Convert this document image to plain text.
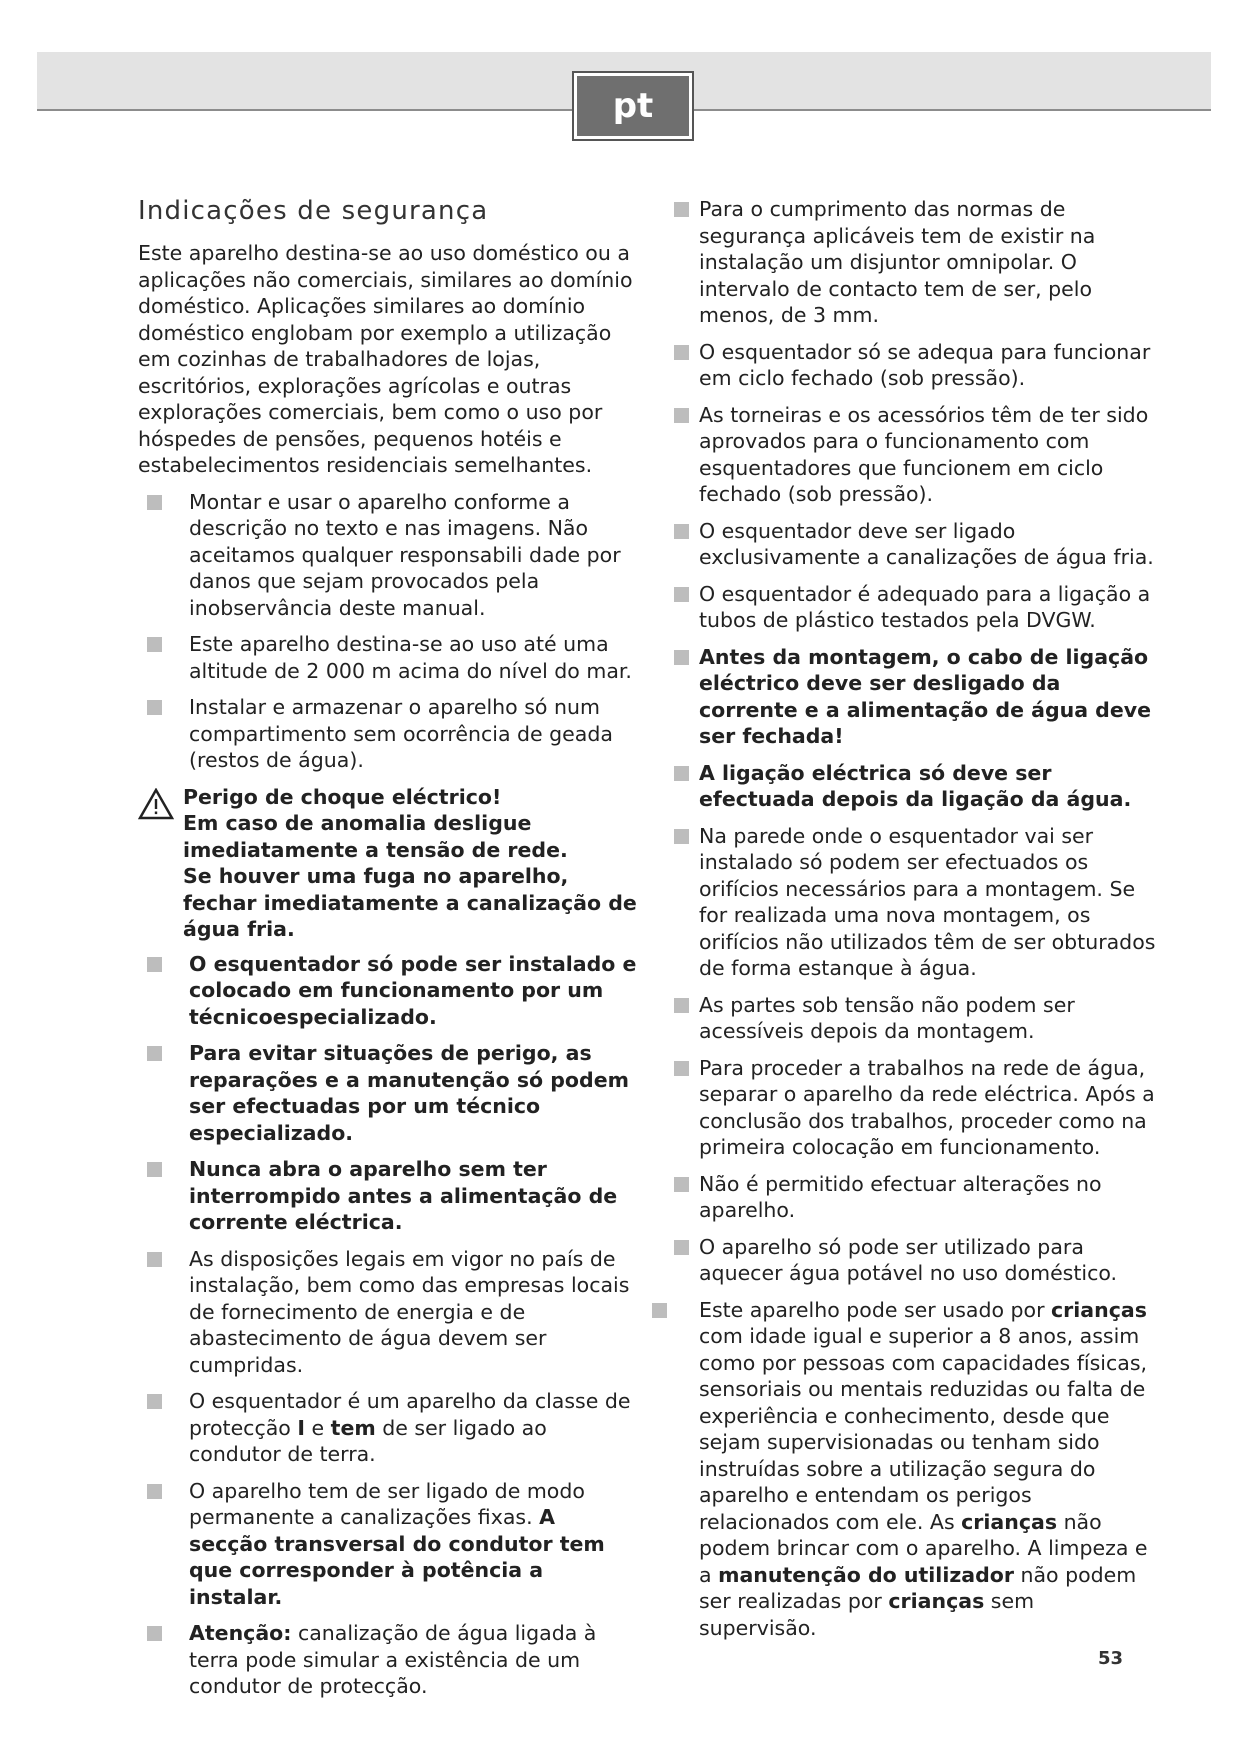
pt
Indicações de segurança

Este aparelho destina-se ao uso doméstico ou a aplicações não comerciais, similares ao domínio doméstico. Aplicações similares ao domínio doméstico englobam por exemplo a utilização em cozinhas de trabalhadores de lojas, escritórios, explorações agrícolas e outras explorações comerciais, bem como o uso por hóspedes de pensões, pequenos hotéis e estabelecimentos residenciais semelhantes.

Montar e usar o aparelho conforme a descrição no texto e nas imagens. Não aceitamos qualquer responsabili dade por danos que sejam provocados pela inobservância deste manual.
Este aparelho destina-se ao uso até uma altitude de 2 000 m acima do nível do mar.
Instalar e armazenar o aparelho só num compartimento sem ocorrência de geada (restos de água).
Perigo de choque eléctrico!
Em caso de anomalia desligue imediatamente a tensão de rede.
Se houver uma fuga no aparelho, fechar imediatamente a canalização de água fria.
O esquentador só pode ser instalado e colocado em funcionamento por um técnicoespecializado.
Para evitar situações de perigo, as reparações e a manutenção só podem ser efectuadas por um técnico especializado.
Nunca abra o aparelho sem ter interrompido antes a alimentação de corrente eléctrica.
As disposições legais em vigor no país de instalação, bem como das empresas locais de fornecimento de energia e de abastecimento de água devem ser cumpridas.
O esquentador é um aparelho da classe de protecção I e tem de ser ligado ao condutor de terra.
O aparelho tem de ser ligado de modo permanente a canalizações fixas. A secção transversal do condutor tem que corresponder à potência a instalar.
Atenção: canalização de água ligada à terra pode simular a existência de um condutor de protecção.
Para o cumprimento das normas de segurança aplicáveis tem de existir na instalação um disjuntor omnipolar. O intervalo de contacto tem de ser, pelo menos, de 3 mm.
O esquentador só se adequa para funcionar em ciclo fechado (sob pressão).
As torneiras e os acessórios têm de ter sido aprovados para o funcionamento com esquentadores que funcionem em ciclo fechado (sob pressão).
O esquentador deve ser ligado exclusivamente a canalizações de água fria.
O esquentador é adequado para a ligação a tubos de plástico testados pela DVGW.
Antes da montagem, o cabo de ligação eléctrico deve ser desligado da corrente e a alimentação de água deve ser fechada!
A ligação eléctrica só deve ser efectuada depois da ligação da água.
Na parede onde o esquentador vai ser instalado só podem ser efectuados os orifícios necessários para a montagem. Se for realizada uma nova montagem, os orifícios não utilizados têm de ser obturados de forma estanque à água.
As partes sob tensão não podem ser acessíveis depois da montagem.
Para proceder a trabalhos na rede de água, separar o aparelho da rede eléctrica. Após a conclusão dos trabalhos, proceder como na primeira colocação em funcionamento.
Não é permitido efectuar alterações no aparelho.
O aparelho só pode ser utilizado para aquecer água potável no uso doméstico.
Este aparelho pode ser usado por crianças com idade igual e superior a 8 anos, assim como por pessoas com capacidades físicas, sensoriais ou mentais reduzidas ou falta de experiência e conhecimento, desde que sejam supervisionadas ou tenham sido instruídas sobre a utilização segura do aparelho e entendam os perigos relacionados com ele. As crianças não podem brincar com o aparelho. A limpeza e a manutenção do utilizador não podem ser realizadas por crianças sem supervisão.
53
